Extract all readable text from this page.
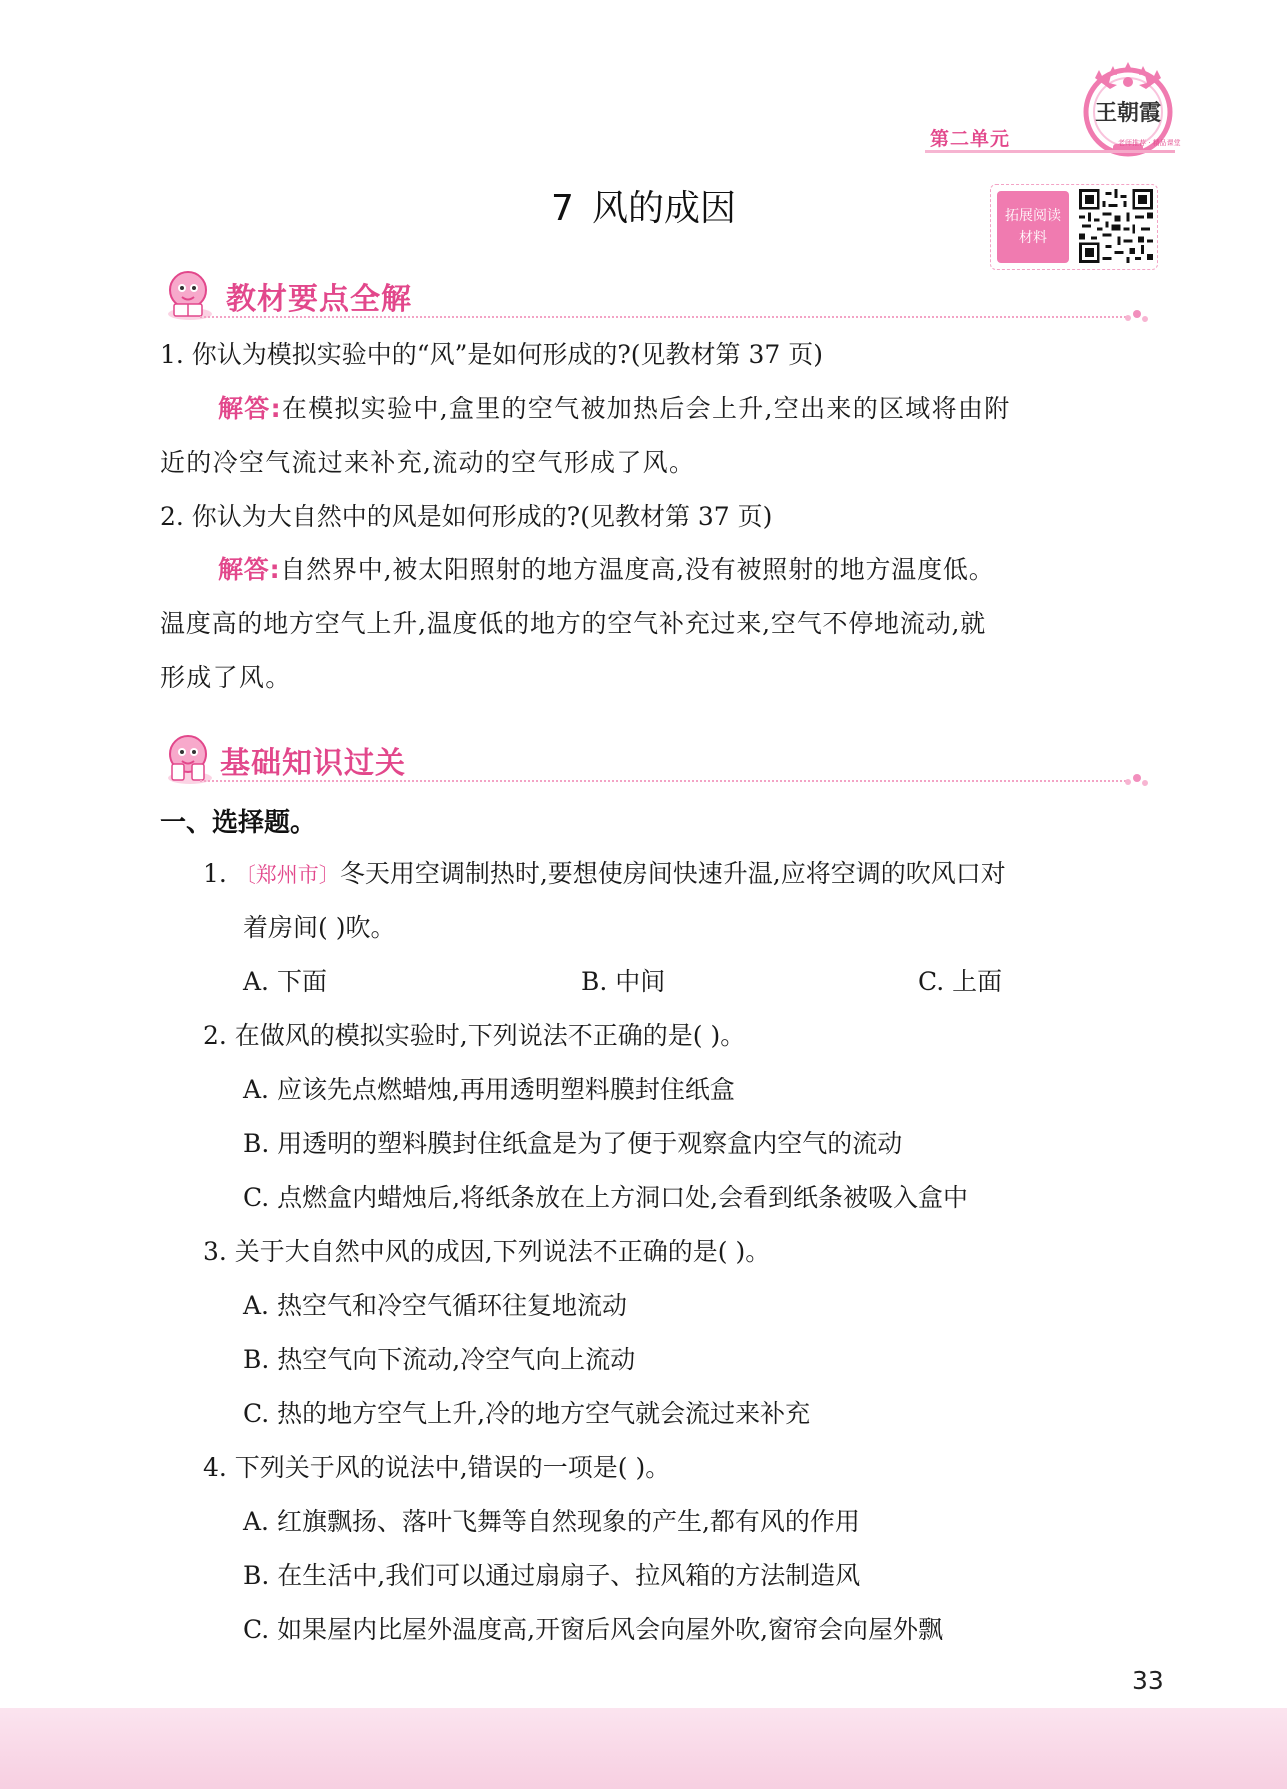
王朝霞
老师推荐 · 精品课堂
第二单元
7 风的成因	拓展阅读
材料
教材要点全解
1. 你认为模拟实验中的“风”是如何形成的?(见教材第 37 页)
解答:在模拟实验中,盒里的空气被加热后会上升,空出来的区域将由附
近的冷空气流过来补充,流动的空气形成了风。
2. 你认为大自然中的风是如何形成的?(见教材第 37 页)
解答:自然界中,被太阳照射的地方温度高,没有被照射的地方温度低。
温度高的地方空气上升,温度低的地方的空气补充过来,空气不停地流动,就
形成了风。
基础知识过关
一、选择题。
1. 〔郑州市〕冬天用空调制热时,要想使房间快速升温,应将空调的吹风口对
着房间( )吹。
A. 下面	B. 中间	C. 上面
2. 在做风的模拟实验时,下列说法不正确的是( )。
A. 应该先点燃蜡烛,再用透明塑料膜封住纸盒
B. 用透明的塑料膜封住纸盒是为了便于观察盒内空气的流动
C. 点燃盒内蜡烛后,将纸条放在上方洞口处,会看到纸条被吸入盒中
3. 关于大自然中风的成因,下列说法不正确的是( )。
A. 热空气和冷空气循环往复地流动
B. 热空气向下流动,冷空气向上流动
C. 热的地方空气上升,冷的地方空气就会流过来补充
4. 下列关于风的说法中,错误的一项是( )。
A. 红旗飘扬、落叶飞舞等自然现象的产生,都有风的作用
B. 在生活中,我们可以通过扇扇子、拉风箱的方法制造风
C. 如果屋内比屋外温度高,开窗后风会向屋外吹,窗帘会向屋外飘
33
